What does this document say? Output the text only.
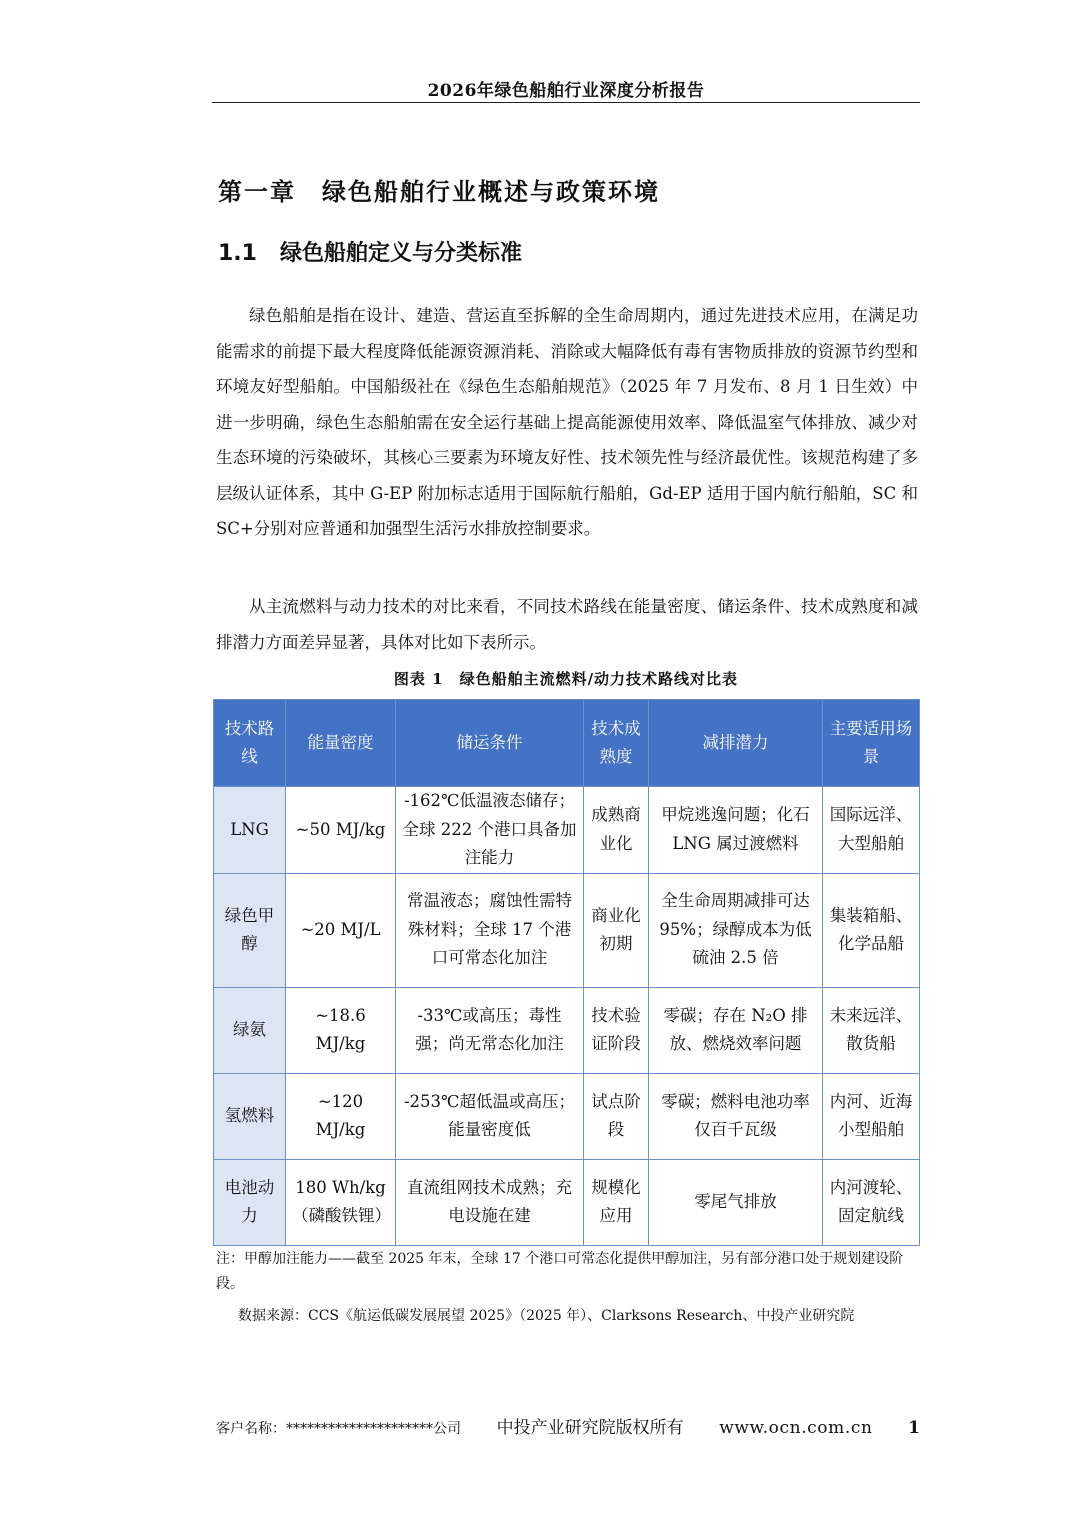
2026年绿色船舶行业深度分析报告
第一章　绿色船舶行业概述与政策环境
1.1 绿色船舶定义与分类标准

绿色船舶是指在设计、建造、营运直至拆解的全生命周期内，通过先进技术应用，在满足功能需求的前提下最大程度降低能源资源消耗、消除或大幅降低有毒有害物质排放的资源节约型和环境友好型船舶。中国船级社在《绿色生态船舶规范》（2025 年 7 月发布、8 月 1 日生效）中进一步明确，绿色生态船舶需在安全运行基础上提高能源使用效率、降低温室气体排放、减少对生态环境的污染破坏，其核心三要素为环境友好性、技术领先性与经济最优性。该规范构建了多层级认证体系，其中 G-EP 附加标志适用于国际航行船舶，Gd-EP 适用于国内航行船舶，SC 和 SC+分别对应普通和加强型生活污水排放控制要求。

从主流燃料与动力技术的对比来看，不同技术路线在能量密度、储运条件、技术成熟度和减排潜力方面差异显著，具体对比如下表所示。

图表 1　绿色船舶主流燃料/动力技术路线对比表
技术路线	能量密度	储运条件	技术成熟度	减排潜力	主要适用场景
LNG	~50 MJ/kg	-162℃低温液态储存；全球 222 个港口具备加注能力	成熟商业化	甲烷逃逸问题；化石 LNG 属过渡燃料	国际远洋、大型船舶
绿色甲醇	~20 MJ/L	常温液态；腐蚀性需特殊材料；全球 17 个港口可常态化加注	商业化初期	全生命周期减排可达 95%；绿醇成本为低硫油 2.5 倍	集装箱船、化学品船
绿氨	~18.6 MJ/kg	-33℃或高压；毒性强；尚无常态化加注	技术验证阶段	零碳；存在 N₂O 排放、燃烧效率问题	未来远洋、散货船
氢燃料	~120 MJ/kg	-253℃超低温或高压；能量密度低	试点阶段	零碳；燃料电池功率仅百千瓦级	内河、近海小型船舶
电池动力	180 Wh/kg（磷酸铁锂）	直流组网技术成熟；充电设施在建	规模化应用	零尾气排放	内河渡轮、固定航线

注：甲醇加注能力——截至 2025 年末，全球 17 个港口可常态化提供甲醇加注，另有部分港口处于规划建设阶段。

数据来源：CCS《航运低碳发展展望 2025》（2025 年）、Clarksons Research、中投产业研究院
客户名称：*********************公司 中投产业研究院版权所有 www.ocn.com.cn 1
